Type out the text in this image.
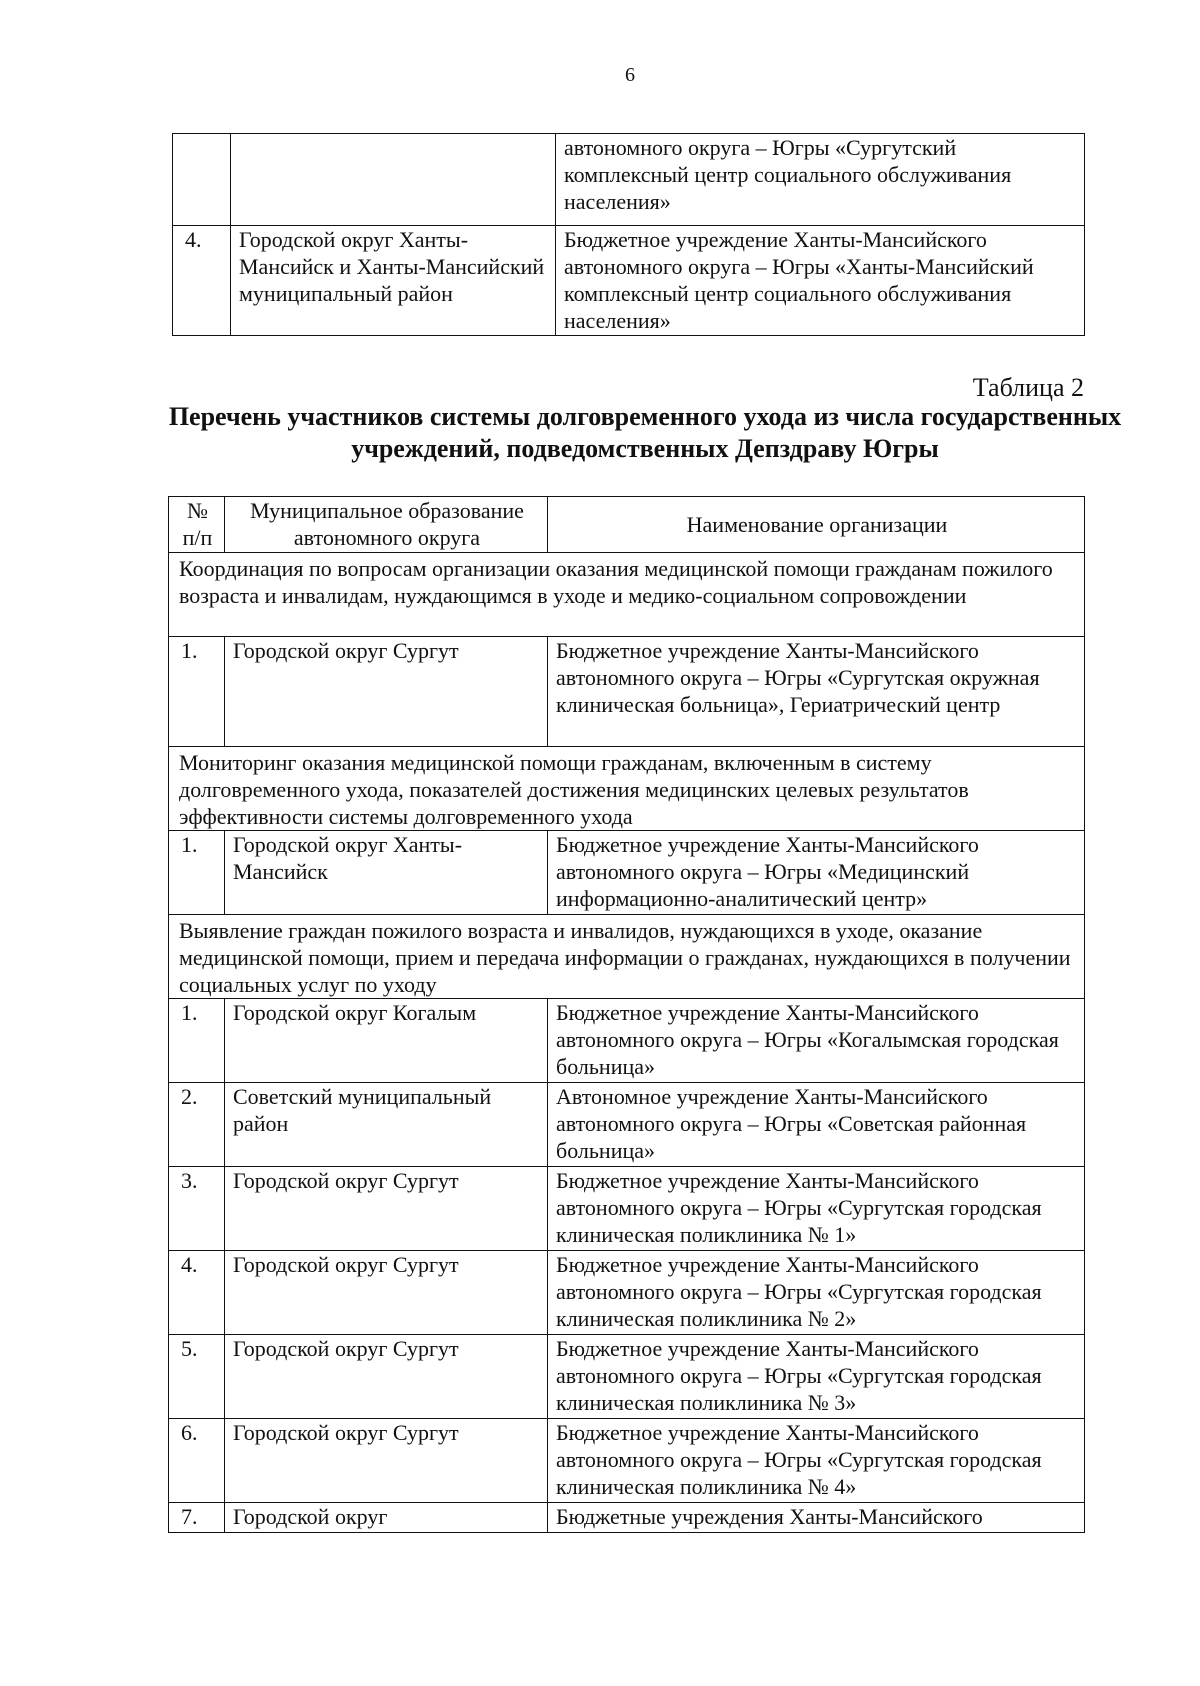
6
		автономного округа – Югры «Сургутский комплексный центр социального обслуживания населения»
4.	Городской округ Ханты-Мансийск и Ханты-Мансийский муниципальный район	Бюджетное учреждение Ханты-Мансийского автономного округа – Югры «Ханты-Мансийский комплексный центр социального обслуживания населения»
Таблица 2
Перечень участников системы долговременного ухода из числа государственных учреждений, подведомственных Депздраву Югры
№ п/п	Муниципальное образование автономного округа	Наименование организации
Координация по вопросам организации оказания медицинской помощи гражданам пожилого возраста и инвалидам, нуждающимся в уходе и медико-социальном сопровождении		
1.	Городской округ Сургут	Бюджетное учреждение Ханты-Мансийского автономного округа – Югры «Сургутская окружная клиническая больница», Гериатрический центр
Мониторинг оказания медицинской помощи гражданам, включенным в систему долговременного ухода, показателей достижения медицинских целевых результатов эффективности системы долговременного ухода		
1.	Городской округ Ханты-Мансийск	Бюджетное учреждение Ханты-Мансийского автономного округа – Югры «Медицинский информационно-аналитический центр»
Выявление граждан пожилого возраста и инвалидов, нуждающихся в уходе, оказание медицинской помощи, прием и передача информации о гражданах, нуждающихся в получении социальных услуг по уходу		
1.	Городской округ Когалым	Бюджетное учреждение Ханты-Мансийского автономного округа – Югры «Когалымская городская больница»
2.	Советский муниципальный район	Автономное учреждение Ханты-Мансийского автономного округа – Югры «Советская районная больница»
3.	Городской округ Сургут	Бюджетное учреждение Ханты-Мансийского автономного округа – Югры «Сургутская городская клиническая поликлиника № 1»
4.	Городской округ Сургут	Бюджетное учреждение Ханты-Мансийского автономного округа – Югры «Сургутская городская клиническая поликлиника № 2»
5.	Городской округ Сургут	Бюджетное учреждение Ханты-Мансийского автономного округа – Югры «Сургутская городская клиническая поликлиника № 3»
6.	Городской округ Сургут	Бюджетное учреждение Ханты-Мансийского автономного округа – Югры «Сургутская городская клиническая поликлиника № 4»
7.	Городской округ	Бюджетные учреждения Ханты-Мансийского
